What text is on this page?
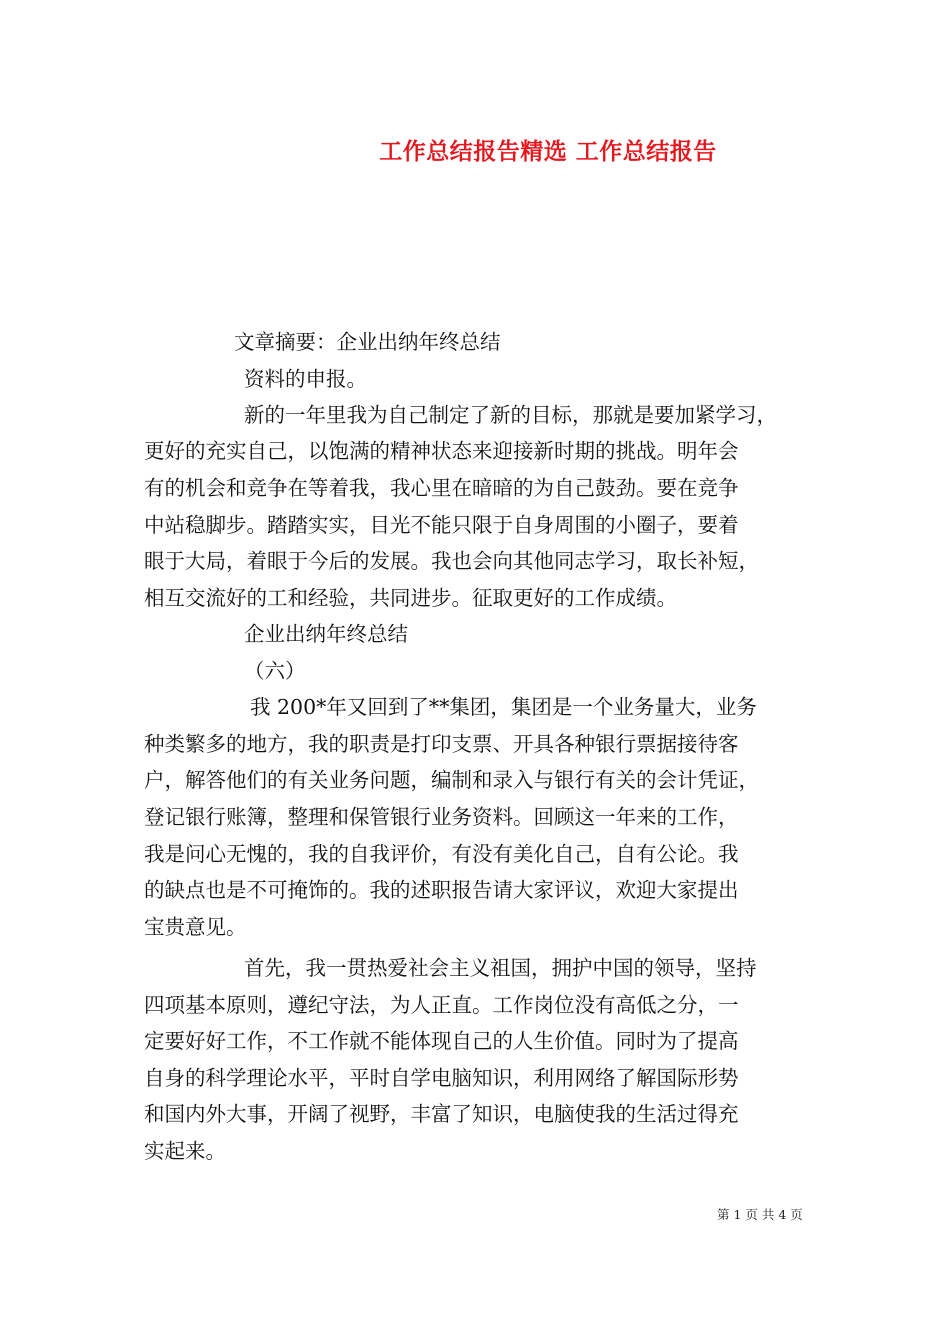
工作总结报告精选 工作总结报告
文章摘要：企业出纳年终总结
资料的申报。
新的一年里我为自己制定了新的目标，那就是要加紧学习，
更好的充实自己，以饱满的精神状态来迎接新时期的挑战。明年会
有的机会和竞争在等着我，我心里在暗暗的为自己鼓劲。要在竞争
中站稳脚步。踏踏实实，目光不能只限于自身周围的小圈子，要着
眼于大局，着眼于今后的发展。我也会向其他同志学习，取长补短，
相互交流好的工和经验，共同进步。征取更好的工作成绩。
企业出纳年终总结
（六）
我 200*年又回到了**集团，集团是一个业务量大，业务
种类繁多的地方，我的职责是打印支票、开具各种银行票据接待客
户，解答他们的有关业务问题，编制和录入与银行有关的会计凭证，
登记银行账簿，整理和保管银行业务资料。回顾这一年来的工作，
我是问心无愧的，我的自我评价，有没有美化自己，自有公论。我
的缺点也是不可掩饰的。我的述职报告请大家评议，欢迎大家提出
宝贵意见。
首先，我一贯热爱社会主义祖国，拥护中国的领导，坚持
四项基本原则，遵纪守法，为人正直。工作岗位没有高低之分，一
定要好好工作，不工作就不能体现自己的人生价值。同时为了提高
自身的科学理论水平，平时自学电脑知识，利用网络了解国际形势
和国内外大事，开阔了视野，丰富了知识，电脑使我的生活过得充
实起来。
第 1 页 共 4 页
